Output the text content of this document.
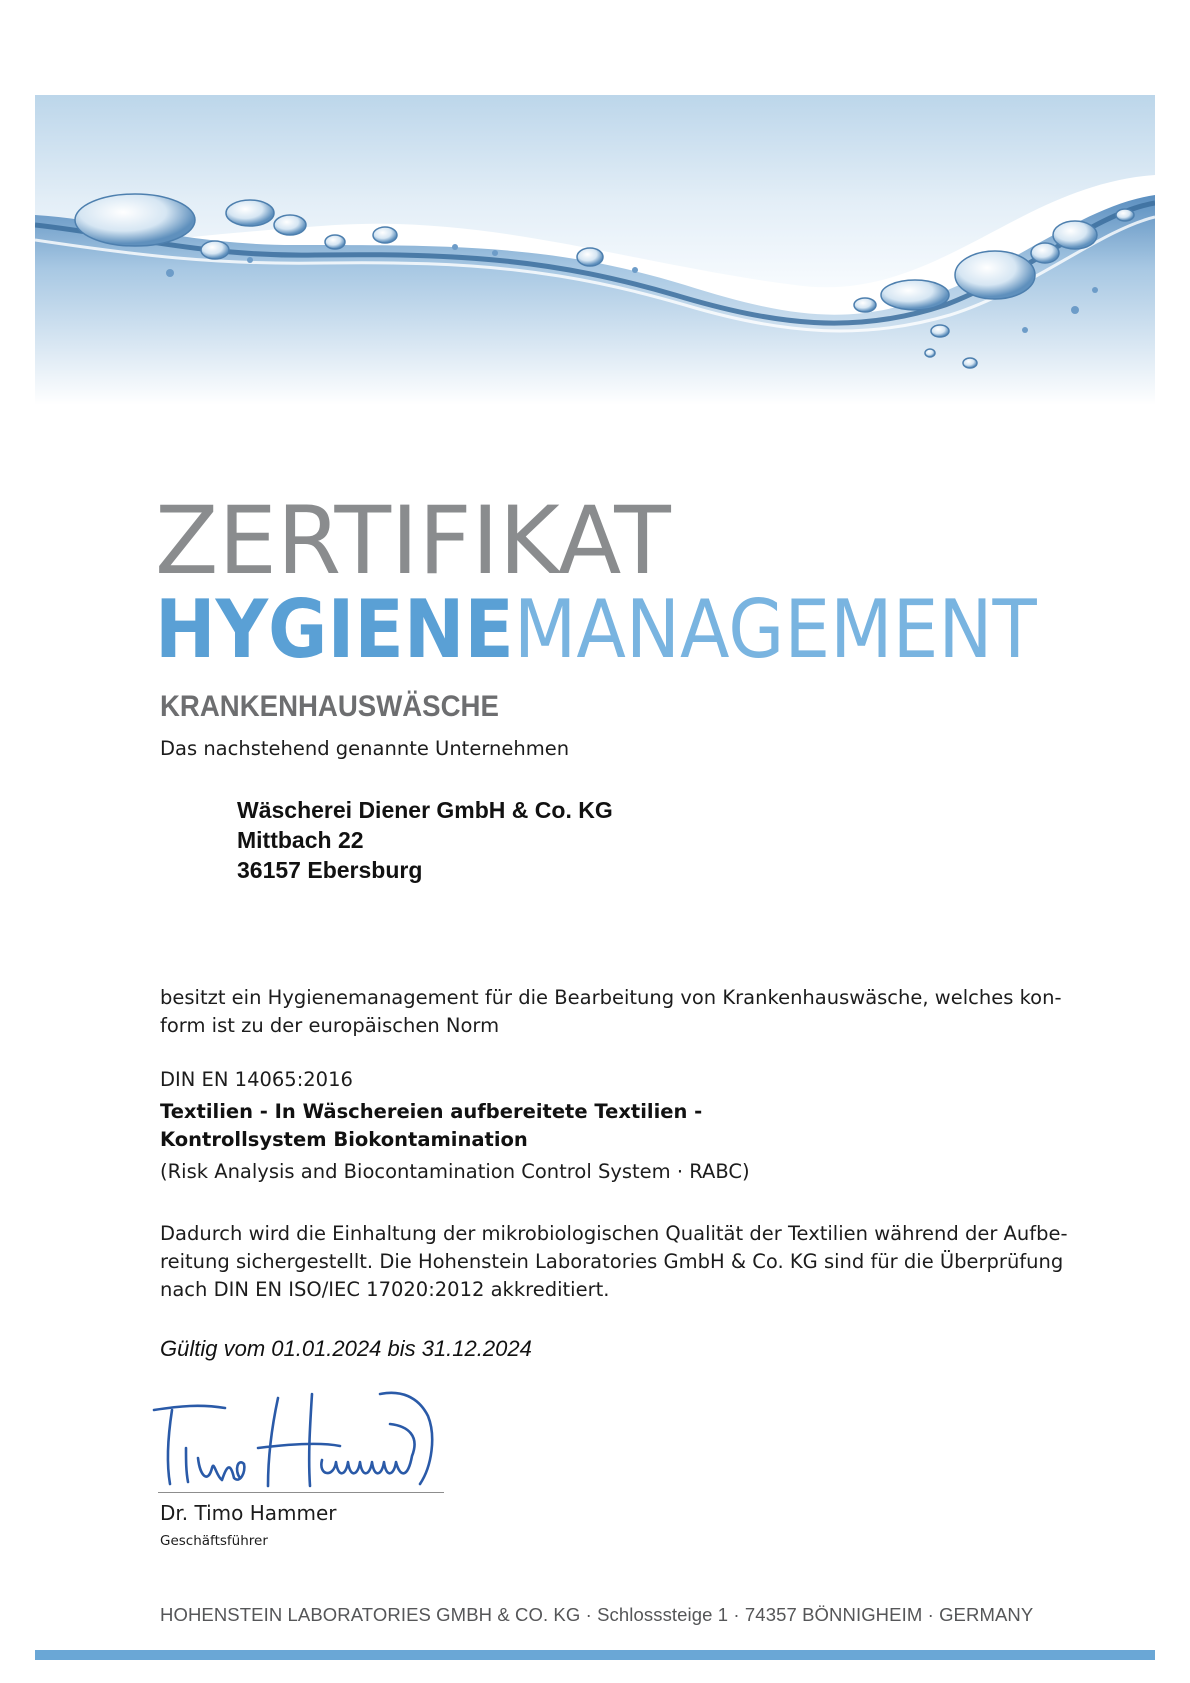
ZERTIFIKAT
HYGIENEMANAGEMENT

KRANKENHAUSWÄSCHE

Das nachstehend genannte Unternehmen

Wäscherei Diener GmbH & Co. KG
Mittbach 22
36157 Ebersburg

besitzt ein Hygienemanagement für die Bearbeitung von Krankenhauswäsche, welches kon-

form ist zu der europäischen Norm

DIN EN 14065:2016

Textilien - In Wäschereien aufbereitete Textilien -
Kontrollsystem Biokontamination

(Risk Analysis and Biocontamination Control System · RABC)

Dadurch wird die Einhaltung der mikrobiologischen Qualität der Textilien während der Aufbe-

reitung sichergestellt. Die Hohenstein Laboratories GmbH & Co. KG sind für die Überprüfung

nach DIN EN ISO/IEC 17020:2012 akkreditiert.

Gültig vom 01.01.2024 bis 31.12.2024

Dr. Timo Hammer

Geschäftsführer

HOHENSTEIN LABORATORIES GMBH & CO. KG · Schlosssteige 1 · 74357 BÖNNIGHEIM · GERMANY
